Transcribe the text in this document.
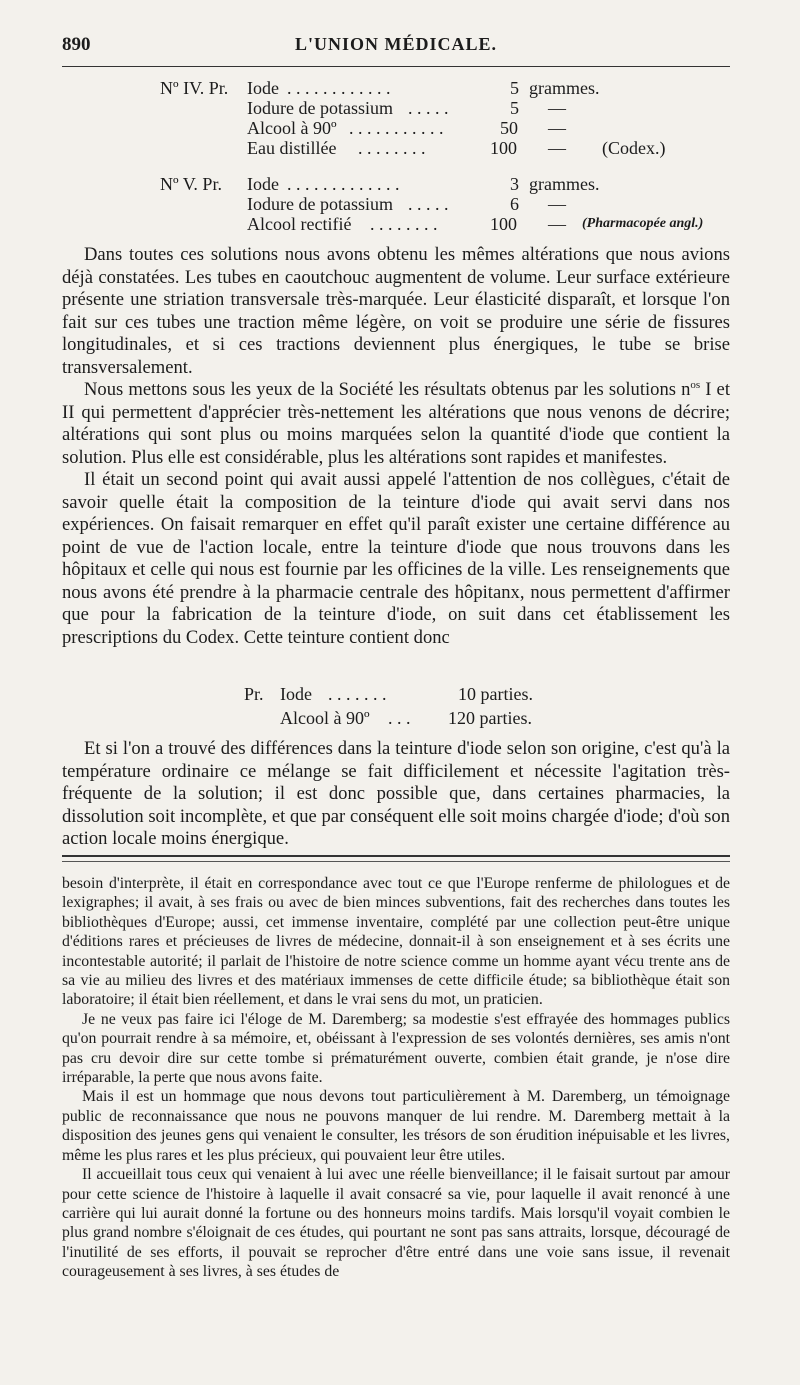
890	L'UNION MÉDICALE.
Nº IV. Pr. Iode . . . . . . . . . . . .	5 grammes.
Iodure de potassium . . . . .	5 —
Alcool à 90º . . . . . . . . . . .	50 —
Eau distillée . . . . . . . .	100 — (Codex.)
Nº V. Pr. Iode . . . . . . . . . . . . .	3 grammes.
Iodure de potassium . . . . .	6 —
Alcool rectifié . . . . . . . .	100 — (Pharmacopée angl.)

Dans toutes ces solutions nous avons obtenu les mêmes altérations que nous avions déjà constatées. Les tubes en caoutchouc augmentent de volume. Leur surface extérieure présente une striation transversale très-marquée. Leur élasticité disparaît, et lorsque l'on fait sur ces tubes une traction même légère, on voit se produire une série de fissures longitudinales, et si ces tractions deviennent plus énergiques, le tube se brise transversalement.

Nous mettons sous les yeux de la Société les résultats obtenus par les solutions $n^{os}$ I et II qui permettent d'apprécier très-nettement les altérations que nous venons de décrire; altérations qui sont plus ou moins marquées selon la quantité d'iode que contient la solution. Plus elle est considérable, plus les altérations sont rapides et manifestes.

Il était un second point qui avait aussi appelé l'attention de nos collègues, c'était de savoir quelle était la composition de la teinture d'iode qui avait servi dans nos expériences. On faisait remarquer en effet qu'il paraît exister une certaine différence au point de vue de l'action locale, entre la teinture d'iode que nous trouvons dans les hôpitaux et celle qui nous est fournie par les officines de la ville. Les renseignements que nous avons été prendre à la pharmacie centrale des hôpitanx, nous permettent d'affirmer que pour la fabrication de la teinture d'iode, on suit dans cet établissement les prescriptions du Codex. Cette teinture contient donc

Pr. Iode . . . . . . .	10 parties.
Alcool à 90º . . . 120 parties.

Et si l'on a trouvé des différences dans la teinture d'iode selon son origine, c'est qu'à la température ordinaire ce mélange se fait difficilement et nécessite l'agitation très-fréquente de la solution; il est donc possible que, dans certaines pharmacies, la dissolution soit incomplète, et que par conséquent elle soit moins chargée d'iode; d'où son action locale moins énergique.

besoin d'interprète, il était en correspondance avec tout ce que l'Europe renferme de philologues et de lexigraphes; il avait, à ses frais ou avec de bien minces subventions, fait des recherches dans toutes les bibliothèques d'Europe; aussi, cet immense inventaire, complété par une collection peut-être unique d'éditions rares et précieuses de livres de médecine, donnait-il à son enseignement et à ses écrits une incontestable autorité; il parlait de l'histoire de notre science comme un homme ayant vécu trente ans de sa vie au milieu des livres et des matériaux immenses de cette difficile étude; sa bibliothèque était son laboratoire; il était bien réellement, et dans le vrai sens du mot, un praticien.

Je ne veux pas faire ici l'éloge de M. Daremberg; sa modestie s'est effrayée des hommages publics qu'on pourrait rendre à sa mémoire, et, obéissant à l'expression de ses volontés dernières, ses amis n'ont pas cru devoir dire sur cette tombe si prématurément ouverte, combien était grande, je n'ose dire irréparable, la perte que nous avons faite.

Mais il est un hommage que nous devons tout particulièrement à M. Daremberg, un témoignage public de reconnaissance que nous ne pouvons manquer de lui rendre. M. Daremberg mettait à la disposition des jeunes gens qui venaient le consulter, les trésors de son érudition inépuisable et les livres, même les plus rares et les plus précieux, qui pouvaient leur être utiles.

Il accueillait tous ceux qui venaient à lui avec une réelle bienveillance; il le faisait surtout par amour pour cette science de l'histoire à laquelle il avait consacré sa vie, pour laquelle il avait renoncé à une carrière qui lui aurait donné la fortune ou des honneurs moins tardifs. Mais lorsqu'il voyait combien le plus grand nombre s'éloignait de ces études, qui pourtant ne sont pas sans attraits, lorsque, découragé de l'inutilité de ses efforts, il pouvait se reprocher d'être entré dans une voie sans issue, il revenait courageusement à ses livres, à ses études de
